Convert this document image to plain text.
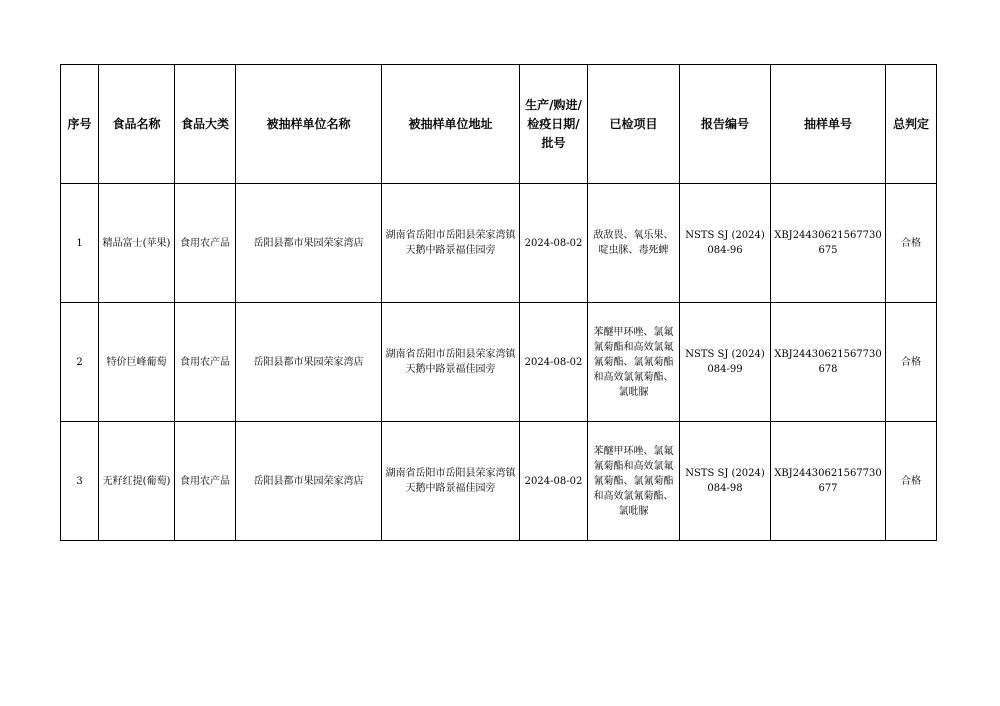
序号	食品名称	食品大类	被抽样单位名称	被抽样单位地址	生产/购进/检疫日期/批号	已检项目	报告编号	抽样单号	总判定
1	精品富士(苹果)	食用农产品	岳阳县都市果园荣家湾店	湖南省岳阳市岳阳县荣家湾镇天鹅中路景福佳园旁	2024-08-02	敌敌畏、氧乐果、啶虫脒、毒死蜱	NSTS SJ (2024) 084-96	XBJ24430621567730675	合格
2	特价巨峰葡萄	食用农产品	岳阳县都市果园荣家湾店	湖南省岳阳市岳阳县荣家湾镇天鹅中路景福佳园旁	2024-08-02	苯醚甲环唑、氯氟氰菊酯和高效氯氟氰菊酯、氯氰菊酯和高效氯氰菊酯、氯吡脲	NSTS SJ (2024) 084-99	XBJ24430621567730678	合格
3	无籽红提(葡萄)	食用农产品	岳阳县都市果园荣家湾店	湖南省岳阳市岳阳县荣家湾镇天鹅中路景福佳园旁	2024-08-02	苯醚甲环唑、氯氟氰菊酯和高效氯氟氰菊酯、氯氰菊酯和高效氯氰菊酯、氯吡脲	NSTS SJ (2024) 084-98	XBJ24430621567730677	合格
